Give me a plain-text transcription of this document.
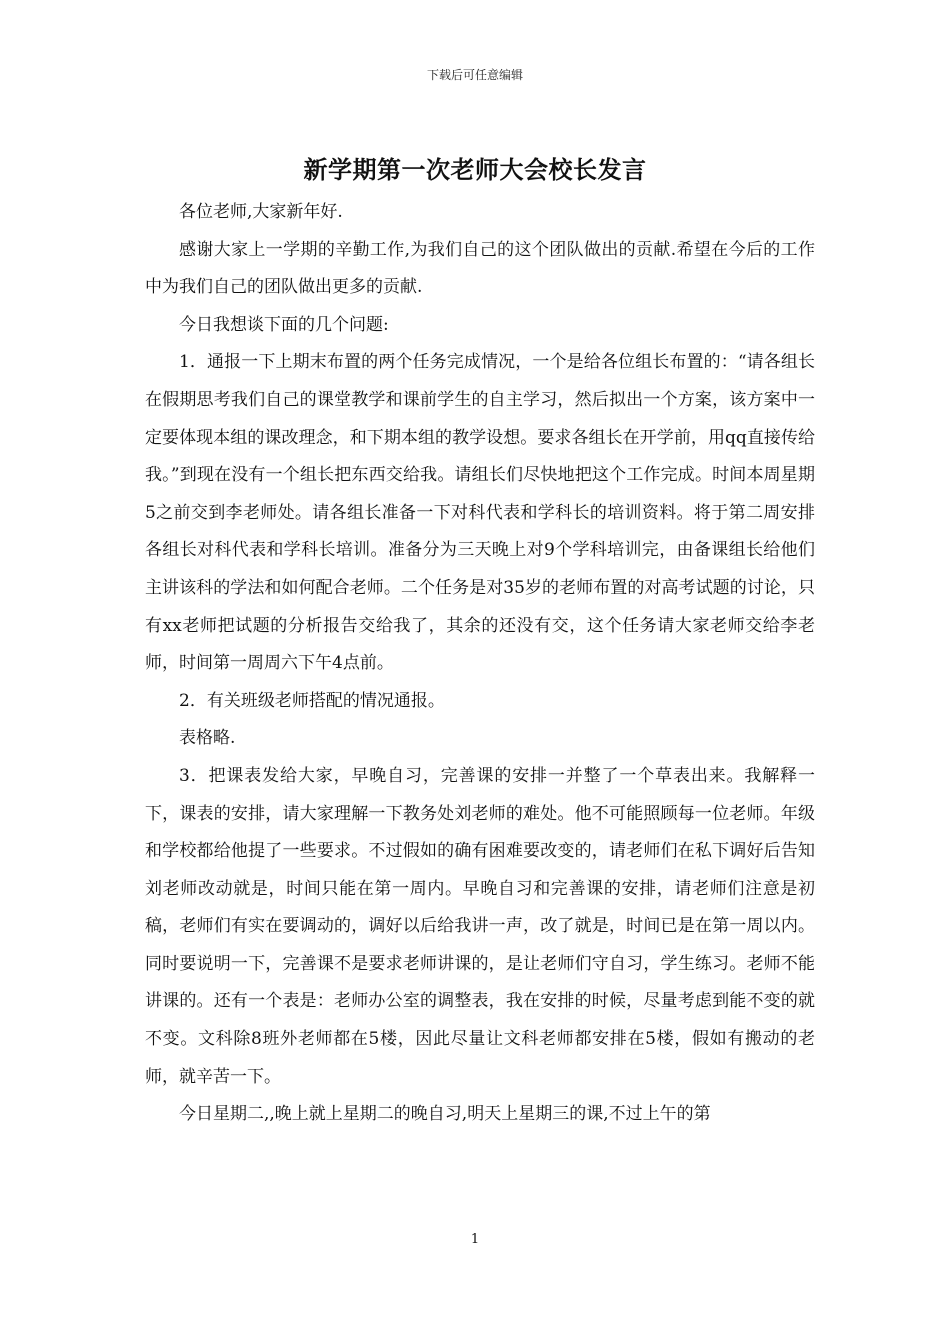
下载后可任意编辑
新学期第一次老师大会校长发言

各位老师,大家新年好.

感谢大家上一学期的辛勤工作,为我们自己的这个团队做出的贡献.希望在今后的工作中为我们自己的团队做出更多的贡献.

今日我想谈下面的几个问题:

1．通报一下上期末布置的两个任务完成情况，一个是给各位组长布置的：“请各组长在假期思考我们自己的课堂教学和课前学生的自主学习，然后拟出一个方案，该方案中一定要体现本组的课改理念，和下期本组的教学设想。要求各组长在开学前，用qq直接传给我。”到现在没有一个组长把东西交给我。请组长们尽快地把这个工作完成。时间本周星期5之前交到李老师处。请各组长准备一下对科代表和学科长的培训资料。将于第二周安排各组长对科代表和学科长培训。准备分为三天晚上对9个学科培训完，由备课组长给他们主讲该科的学法和如何配合老师。二个任务是对35岁的老师布置的对高考试题的讨论，只有xx老师把试题的分析报告交给我了，其余的还没有交，这个任务请大家老师交给李老师，时间第一周周六下午4点前。

2．有关班级老师搭配的情况通报。

表格略.

3．把课表发给大家，早晚自习，完善课的安排一并整了一个草表出来。我解释一下，课表的安排，请大家理解一下教务处刘老师的难处。他不可能照顾每一位老师。年级和学校都给他提了一些要求。不过假如的确有困难要改变的，请老师们在私下调好后告知刘老师改动就是，时间只能在第一周内。早晚自习和完善课的安排，请老师们注意是初稿，老师们有实在要调动的，调好以后给我讲一声，改了就是，时间已是在第一周以内。同时要说明一下，完善课不是要求老师讲课的，是让老师们守自习，学生练习。老师不能讲课的。还有一个表是：老师办公室的调整表，我在安排的时候，尽量考虑到能不变的就不变。文科除8班外老师都在5楼，因此尽量让文科老师都安排在5楼，假如有搬动的老师，就辛苦一下。

今日星期二,,晚上就上星期二的晚自习,明天上星期三的课,不过上午的第

1
